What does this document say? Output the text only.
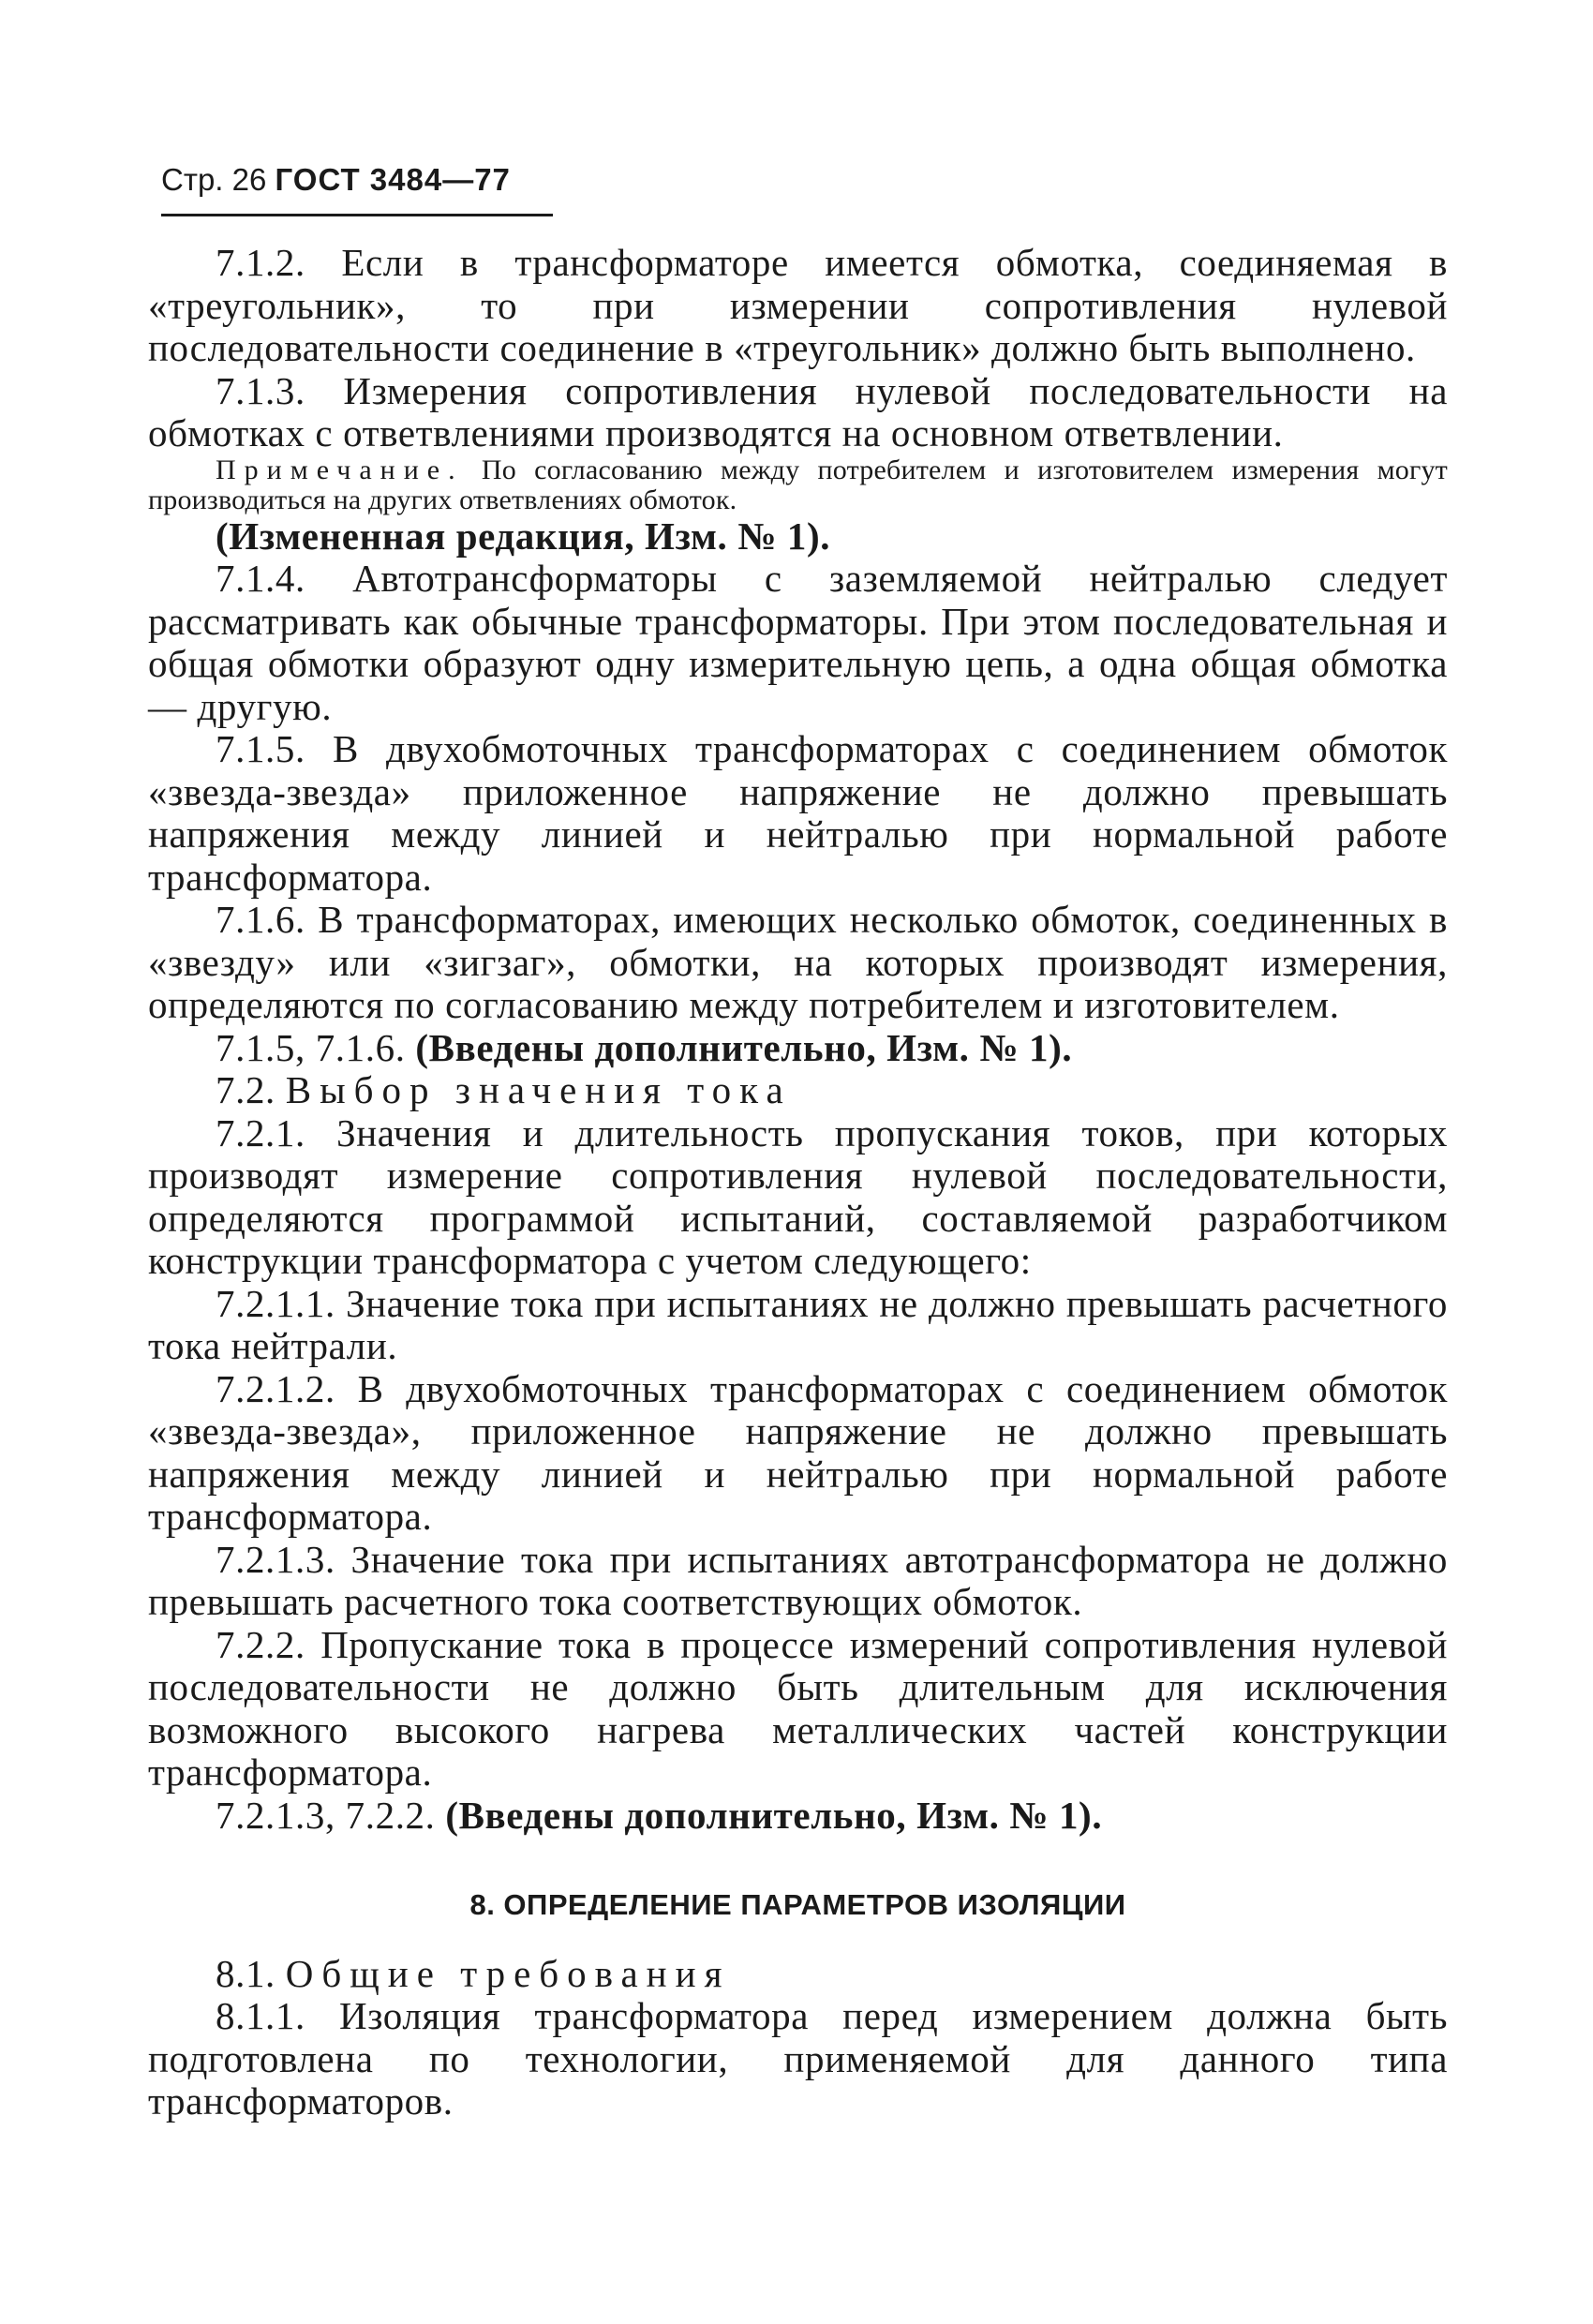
Стр. 26 ГОСТ 3484—77

7.1.2. Если в трансформаторе имеется обмотка, соединяемая в «треугольник», то при измерении сопротивления нулевой последовательности соединение в «треугольник» должно быть выполнено.

7.1.3. Измерения сопротивления нулевой последовательности на обмотках с ответвлениями производятся на основном ответвлении.

Примечание. По согласованию между потребителем и изготовителем измерения могут производиться на других ответвлениях обмоток.

(Измененная редакция, Изм. № 1).

7.1.4. Автотрансформаторы с заземляемой нейтралью следует рассматривать как обычные трансформаторы. При этом последовательная и общая обмотки образуют одну измерительную цепь, а одна общая обмотка — другую.

7.1.5. В двухобмоточных трансформаторах с соединением обмоток «звезда-звезда» приложенное напряжение не должно превышать напряжения между линией и нейтралью при нормальной работе трансформатора.

7.1.6. В трансформаторах, имеющих несколько обмоток, соединенных в «звезду» или «зигзаг», обмотки, на которых производят измерения, определяются по согласованию между потребителем и изготовителем.

7.1.5, 7.1.6. (Введены дополнительно, Изм. № 1).

7.2. Выбор значения тока

7.2.1. Значения и длительность пропускания токов, при которых производят измерение сопротивления нулевой последовательности, определяются программой испытаний, составляемой разработчиком конструкции трансформатора с учетом следующего:

7.2.1.1. Значение тока при испытаниях не должно превышать расчетного тока нейтрали.

7.2.1.2. В двухобмоточных трансформаторах с соединением обмоток «звезда-звезда», приложенное напряжение не должно превышать напряжения между линией и нейтралью при нормальной работе трансформатора.

7.2.1.3. Значение тока при испытаниях автотрансформатора не должно превышать расчетного тока соответствующих обмоток.

7.2.2. Пропускание тока в процессе измерений сопротивления нулевой последовательности не должно быть длительным для исключения возможного высокого нагрева металлических частей конструкции трансформатора.

7.2.1.3, 7.2.2. (Введены дополнительно, Изм. № 1).

8. ОПРЕДЕЛЕНИЕ ПАРАМЕТРОВ ИЗОЛЯЦИИ

8.1. Общие требования

8.1.1. Изоляция трансформатора перед измерением должна быть подготовлена по технологии, применяемой для данного типа трансформаторов.
